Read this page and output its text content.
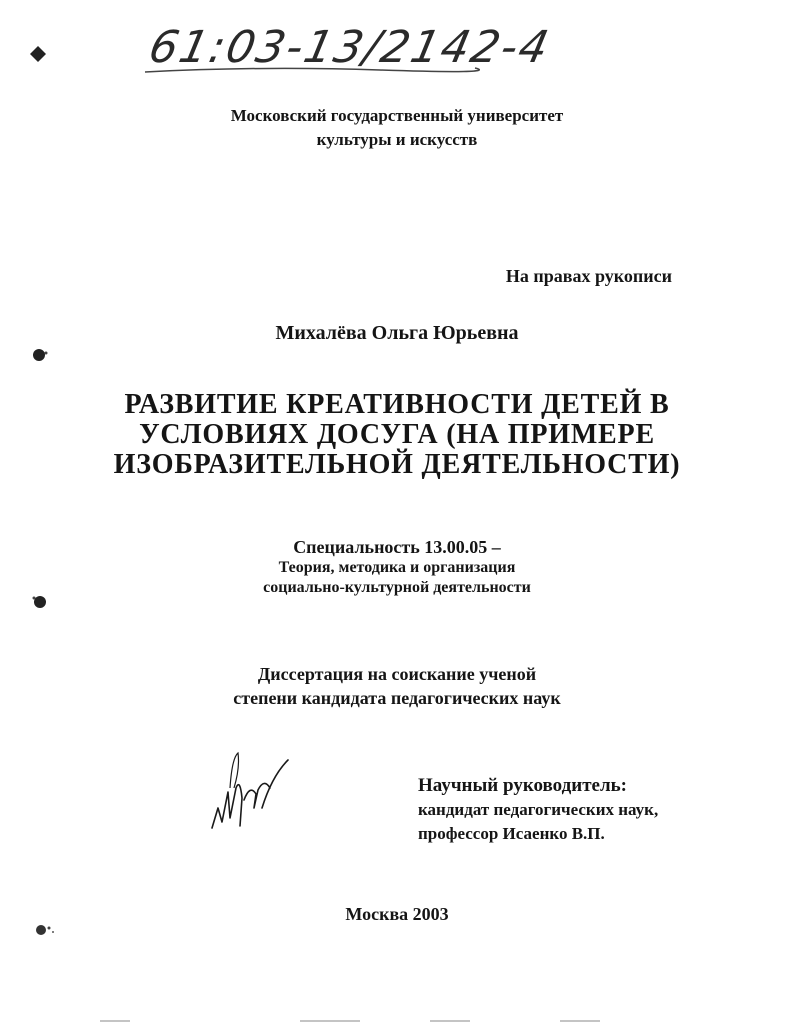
61:03-13/2142-4
Московский государственный университет
культуры и искусств
На правах рукописи
Михалёва Ольга Юрьевна
РАЗВИТИЕ КРЕАТИВНОСТИ ДЕТЕЙ В
УСЛОВИЯХ ДОСУГА (НА ПРИМЕРЕ
ИЗОБРАЗИТЕЛЬНОЙ ДЕЯТЕЛЬНОСТИ)
Специальность 13.00.05 –
Теория, методика и организация
социально-культурной деятельности
Диссертация на соискание ученой
степени кандидата педагогических наук
Научный руководитель:
кандидат педагогических наук,
профессор Исаенко В.П.
Москва 2003
